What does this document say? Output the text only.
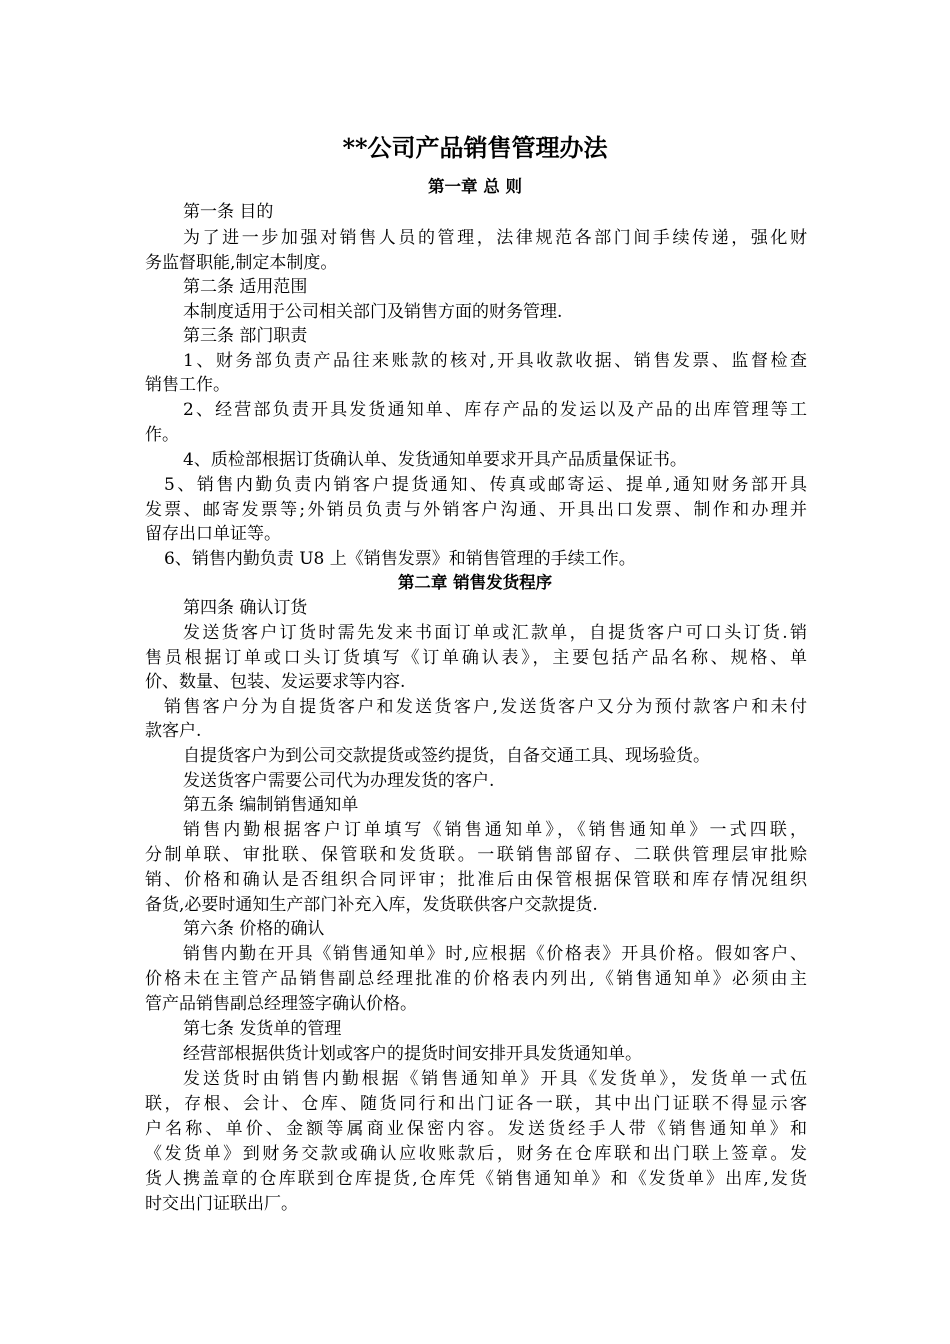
**公司产品销售管理办法
第一章 总 则
第一条 目的
为了进一步加强对销售人员的管理，法律规范各部门间手续传递，强化财
务监督职能,制定本制度。
第二条 适用范围
本制度适用于公司相关部门及销售方面的财务管理.
第三条 部门职责
1、财务部负责产品往来账款的核对,开具收款收据、销售发票、监督检查
销售工作。
2、经营部负责开具发货通知单、库存产品的发运以及产品的出库管理等工
作。
4、质检部根据订货确认单、发货通知单要求开具产品质量保证书。
5、销售内勤负责内销客户提货通知、传真或邮寄运、提单,通知财务部开具
发票、邮寄发票等;外销员负责与外销客户沟通、开具出口发票、制作和办理并
留存出口单证等。
6、销售内勤负责 U8 上《销售发票》和销售管理的手续工作。
第二章 销售发货程序
第四条 确认订货
发送货客户订货时需先发来书面订单或汇款单，自提货客户可口头订货.销
售员根据订单或口头订货填写《订单确认表》，主要包括产品名称、规格、单
价、数量、包装、发运要求等内容.
销售客户分为自提货客户和发送货客户,发送货客户又分为预付款客户和未付
款客户.
自提货客户为到公司交款提货或签约提货，自备交通工具、现场验货。
发送货客户需要公司代为办理发货的客户.
第五条 编制销售通知单
销售内勤根据客户订单填写《销售通知单》，《销售通知单》一式四联，
分制单联、审批联、保管联和发货联。一联销售部留存、二联供管理层审批赊
销、价格和确认是否组织合同评审；批准后由保管根据保管联和库存情况组织
备货,必要时通知生产部门补充入库，发货联供客户交款提货.
第六条 价格的确认
销售内勤在开具《销售通知单》时,应根据《价格表》开具价格。假如客户、
价格未在主管产品销售副总经理批准的价格表内列出,《销售通知单》必须由主
管产品销售副总经理签字确认价格。
第七条 发货单的管理
经营部根据供货计划或客户的提货时间安排开具发货通知单。
发送货时由销售内勤根据《销售通知单》开具《发货单》，发货单一式伍
联，存根、会计、仓库、随货同行和出门证各一联，其中出门证联不得显示客
户名称、单价、金额等属商业保密内容。发送货经手人带《销售通知单》和
《发货单》到财务交款或确认应收账款后，财务在仓库联和出门联上签章。发
货人携盖章的仓库联到仓库提货,仓库凭《销售通知单》和《发货单》出库,发货
时交出门证联出厂。
